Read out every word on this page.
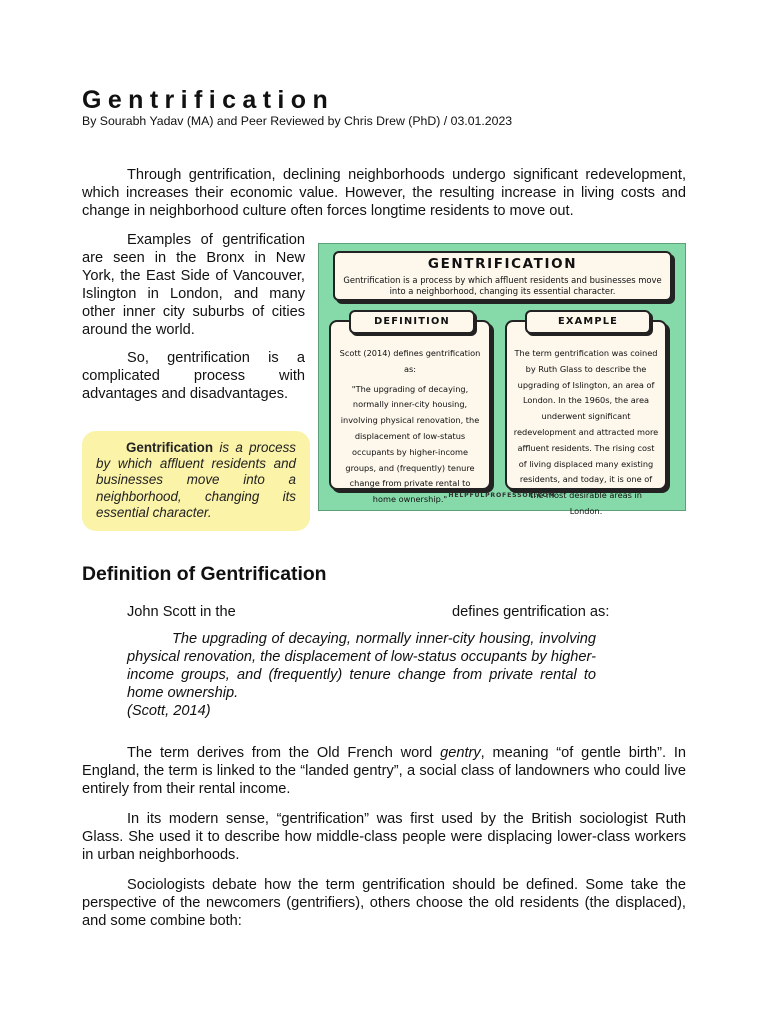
Gentrification
By Sourabh Yadav (MA) and Peer Reviewed by Chris Drew (PhD) / 03.01.2023

Through gentrification, declining neighborhoods undergo significant redevelopment, which increases their economic value. However, the resulting increase in living costs and change in neighborhood culture often forces longtime residents to move out.

Examples of gentrification are seen in the Bronx in New York, the East Side of Vancouver, Islington in London, and many other inner city suburbs of cities around the world.

So, gentrification is a complicated process with advantages and disadvantages.

Gentrification is a process by which affluent residents and businesses move into a neighborhood, changing its essential character.
GENTRIFICATION
Gentrification is a process by which affluent residents and businesses move into a neighborhood, changing its essential character.
DEFINITION
Scott (2014) defines gentrification as:
"The upgrading of decaying, normally inner-city housing, involving physical renovation, the displacement of low-status occupants by higher-income groups, and (frequently) tenure change from private rental to home ownership."
EXAMPLE
The term gentrification was coined by Ruth Glass to describe the upgrading of Islington, an area of London. In the 1960s, the area underwent significant redevelopment and attracted more affluent residents. The rising cost of living displaced many existing residents, and today, it is one of the most desirable areas in London.
HELPFULPROFESSOR.COM
Definition of Gentrification
John Scott in the	defines gentrification as:
The upgrading of decaying, normally inner-city housing, involving physical renovation, the displacement of low-status occupants by higher-income groups, and (frequently) tenure change from private rental to home ownership.
(Scott, 2014)

The term derives from the Old French word gentry, meaning “of gentle birth”. In England, the term is linked to the “landed gentry”, a social class of landowners who could live entirely from their rental income.

In its modern sense, “gentrification” was first used by the British sociologist Ruth Glass. She used it to describe how middle-class people were displacing lower-class workers in urban neighborhoods.

Sociologists debate how the term gentrification should be defined. Some take the perspective of the newcomers (gentrifiers), others choose the old residents (the displaced), and some combine both:
